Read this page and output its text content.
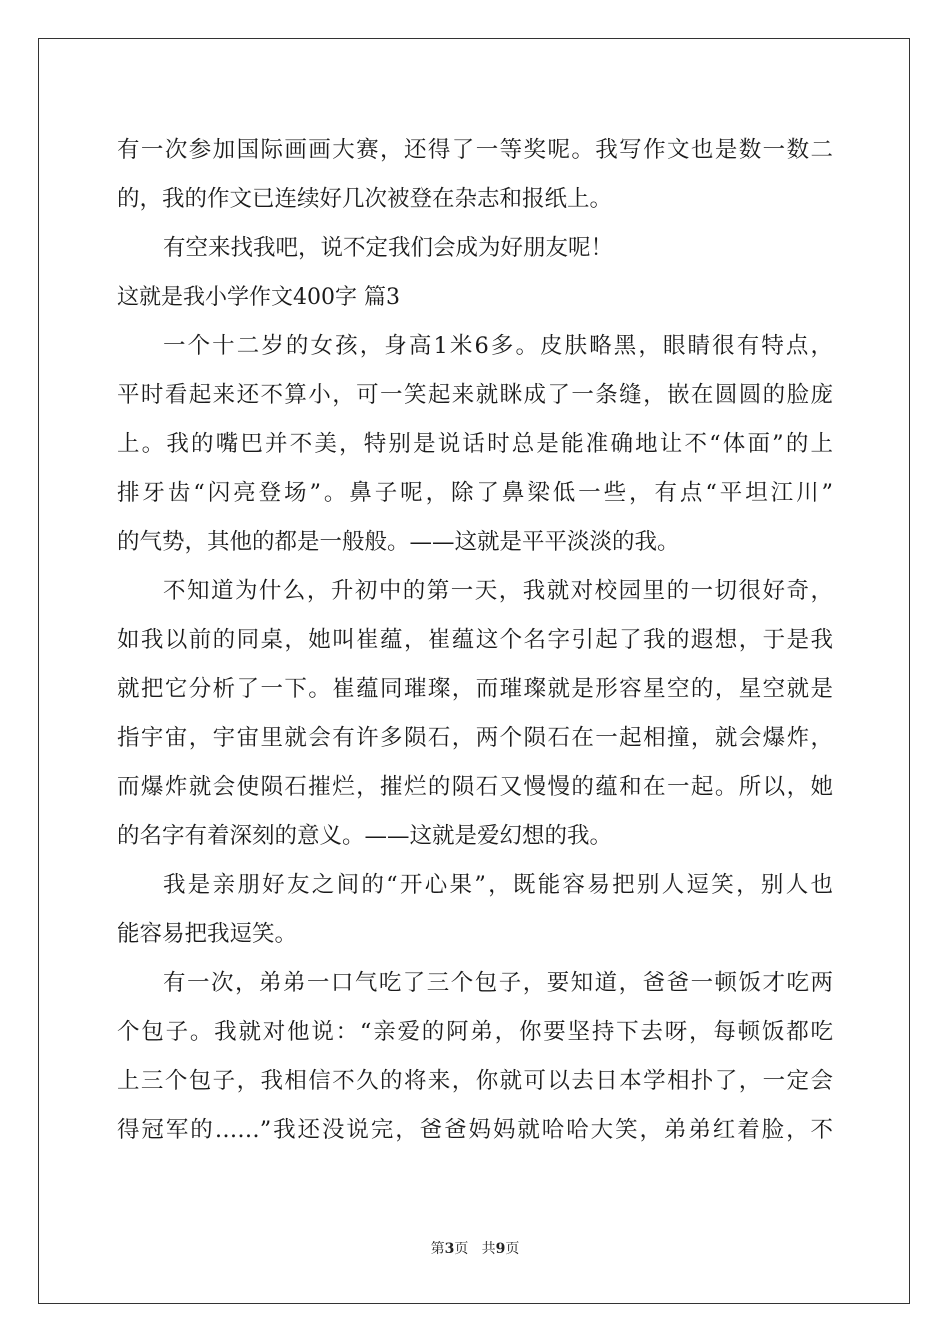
有一次参加国际画画大赛，还得了一等奖呢。我写作文也是数一数二
的，我的作文已连续好几次被登在杂志和报纸上。
有空来找我吧，说不定我们会成为好朋友呢！
这就是我小学作文400字 篇3
一个十二岁的女孩，身高1米6多。皮肤略黑，眼睛很有特点，
平时看起来还不算小，可一笑起来就眯成了一条缝，嵌在圆圆的脸庞
上。我的嘴巴并不美，特别是说话时总是能准确地让不“体面”的上
排牙齿“闪亮登场”。鼻子呢，除了鼻梁低一些，有点“平坦江川”
的气势，其他的都是一般般。——这就是平平淡淡的我。
不知道为什么，升初中的第一天，我就对校园里的一切很好奇，
如我以前的同桌，她叫崔蕴，崔蕴这个名字引起了我的遐想，于是我
就把它分析了一下。崔蕴同璀璨，而璀璨就是形容星空的，星空就是
指宇宙，宇宙里就会有许多陨石，两个陨石在一起相撞，就会爆炸，
而爆炸就会使陨石摧烂，摧烂的陨石又慢慢的蕴和在一起。所以，她
的名字有着深刻的意义。——这就是爱幻想的我。
我是亲朋好友之间的“开心果”，既能容易把别人逗笑，别人也
能容易把我逗笑。
有一次，弟弟一口气吃了三个包子，要知道，爸爸一顿饭才吃两
个包子。我就对他说：“亲爱的阿弟，你要坚持下去呀，每顿饭都吃
上三个包子，我相信不久的将来，你就可以去日本学相扑了，一定会
得冠军的……”我还没说完，爸爸妈妈就哈哈大笑，弟弟红着脸，不
第3页 共9页
